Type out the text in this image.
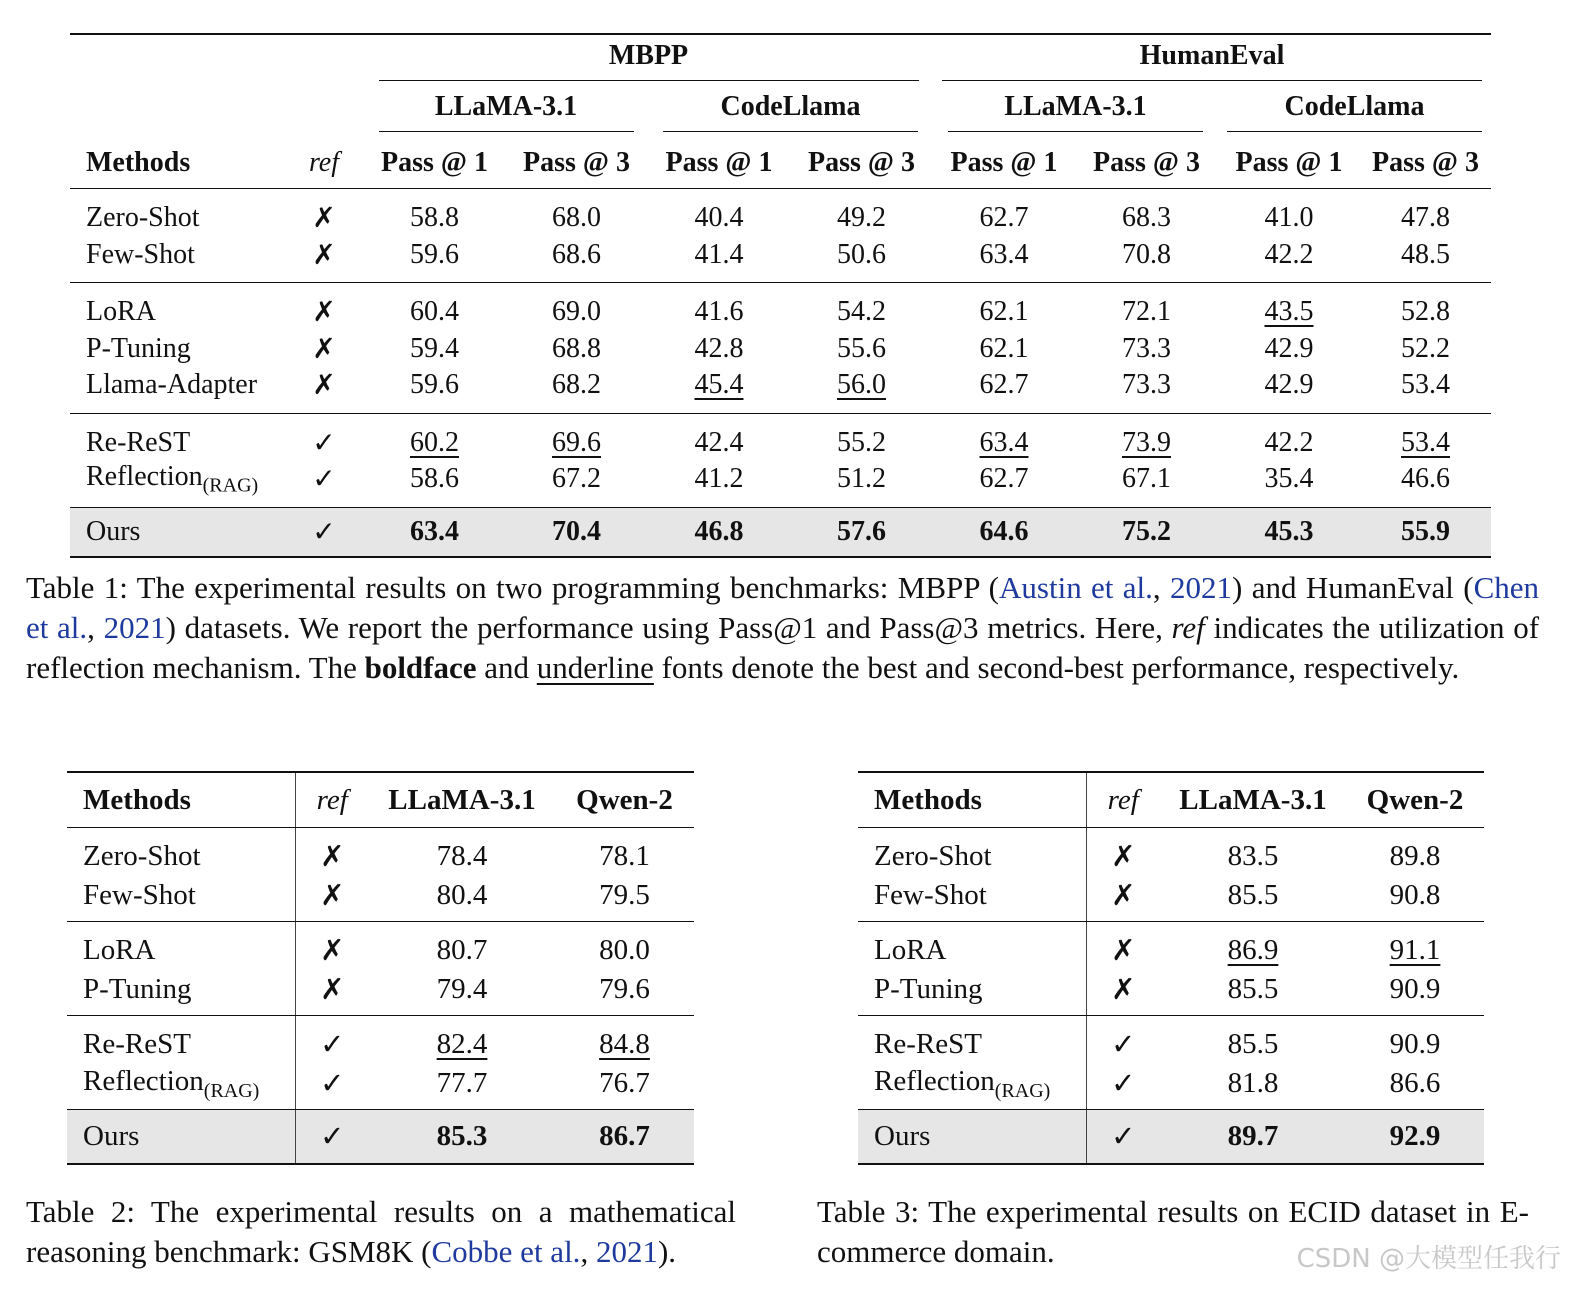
		MBPP				HumanEval			

		LLaMA-3.1		CodeLlama		LLaMA-3.1		CodeLlama	

Methods	ref	Pass @ 1	Pass @ 3	Pass @ 1	Pass @ 3	Pass @ 1	Pass @ 3	Pass @ 1	Pass @ 3
Zero-Shot	✗	58.8	68.0	40.4	49.2	62.7	68.3	41.0	47.8
Few-Shot	✗	59.6	68.6	41.4	50.6	63.4	70.8	42.2	48.5
LoRA	✗	60.4	69.0	41.6	54.2	62.1	72.1	43.5	52.8
P-Tuning	✗	59.4	68.8	42.8	55.6	62.1	73.3	42.9	52.2
Llama-Adapter	✗	59.6	68.2	45.4	56.0	62.7	73.3	42.9	53.4
Re-ReST	✓	60.2	69.6	42.4	55.2	63.4	73.9	42.2	53.4
Reflection$_{(RAG)}$	✓	58.6	67.2	41.2	51.2	62.7	67.1	35.4	46.6
Ours	✓	63.4	70.4	46.8	57.6	64.6	75.2	45.3	55.9
Table 1: The experimental results on two programming benchmarks: MBPP (Austin et al., 2021) and HumanEval (Chen et al., 2021) datasets. We report the performance using Pass@1 and Pass@3 metrics. Here, ref indicates the utilization of reflection mechanism. The boldface and underline fonts denote the best and second-best performance, respectively.
Methods	ref	LLaMA-3.1	Qwen-2
Zero-Shot	✗	78.4	78.1
Few-Shot	✗	80.4	79.5
LoRA	✗	80.7	80.0
P-Tuning	✗	79.4	79.6
Re-ReST	✓	82.4	84.8
Reflection$_{(RAG)}$	✓	77.7	76.7
Ours	✓	85.3	86.7
Table 2: The experimental results on a mathematical reasoning benchmark: GSM8K (Cobbe et al., 2021).
Methods	ref	LLaMA-3.1	Qwen-2
Zero-Shot	✗	83.5	89.8
Few-Shot	✗	85.5	90.8
LoRA	✗	86.9	91.1
P-Tuning	✗	85.5	90.9
Re-ReST	✓	85.5	90.9
Reflection$_{(RAG)}$	✓	81.8	86.6
Ours	✓	89.7	92.9
Table 3: The experimental results on ECID dataset in E-commerce domain.	CSDN @大模型任我行
